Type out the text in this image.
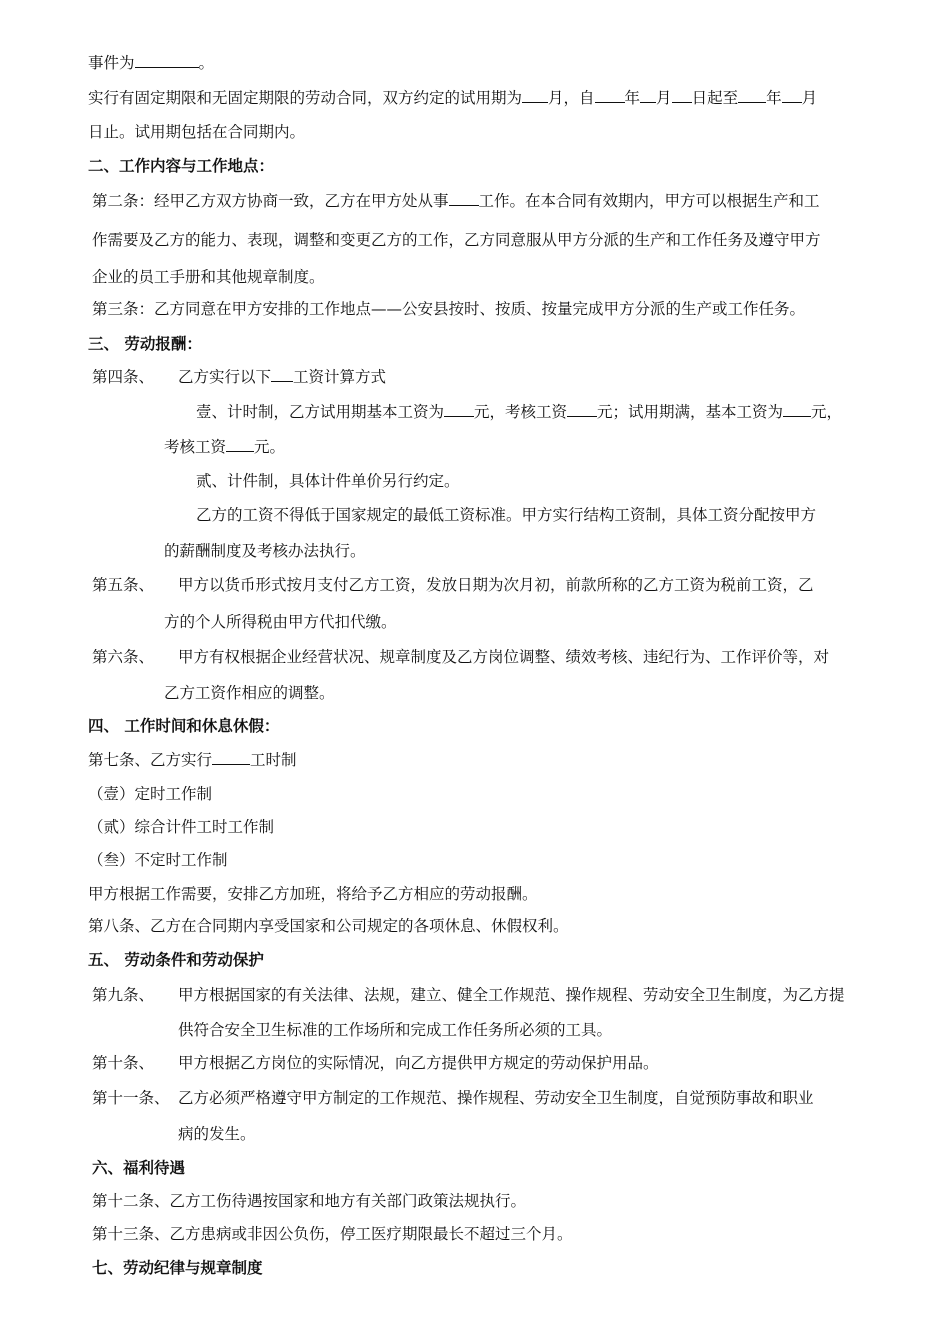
事件为	。
实行有固定期限和无固定期限的劳动合同，双方约定的试用期为 月，自 年 月 日起至 年 月
日止。试用期包括在合同期内。
二、工作内容与工作地点：
第二条：经甲乙方双方协商一致，乙方在甲方处从事 工作。在本合同有效期内，甲方可以根据生产和工
作需要及乙方的能力、表现，调整和变更乙方的工作，乙方同意服从甲方分派的生产和工作任务及遵守甲方
企业的员工手册和其他规章制度。
第三条：乙方同意在甲方安排的工作地点——公安县按时、按质、按量完成甲方分派的生产或工作任务。
三、 劳动报酬：
第四条、 乙方实行以下 工资计算方式
壹、计时制，乙方试用期基本工资为 元，考核工资 元；试用期满，基本工资为 元，
考核工资 元。
贰、计件制，具体计件单价另行约定。
乙方的工资不得低于国家规定的最低工资标准。甲方实行结构工资制，具体工资分配按甲方
的薪酬制度及考核办法执行。
第五条、 甲方以货币形式按月支付乙方工资，发放日期为次月初，前款所称的乙方工资为税前工资，乙
方的个人所得税由甲方代扣代缴。
第六条、 甲方有权根据企业经营状况、规章制度及乙方岗位调整、绩效考核、违纪行为、工作评价等，对
乙方工资作相应的调整。
四、 工作时间和休息休假：
第七条、乙方实行 工时制
（壹）定时工作制
（贰）综合计件工时工作制
（叁）不定时工作制
甲方根据工作需要，安排乙方加班，将给予乙方相应的劳动报酬。
第八条、乙方在合同期内享受国家和公司规定的各项休息、休假权利。
五、 劳动条件和劳动保护
第九条、 甲方根据国家的有关法律、法规，建立、健全工作规范、操作规程、劳动安全卫生制度，为乙方提
供符合安全卫生标准的工作场所和完成工作任务所必须的工具。
第十条、 甲方根据乙方岗位的实际情况，向乙方提供甲方规定的劳动保护用品。
第十一条、 乙方必须严格遵守甲方制定的工作规范、操作规程、劳动安全卫生制度，自觉预防事故和职业
病的发生。
六、福利待遇
第十二条、乙方工伤待遇按国家和地方有关部门政策法规执行。
第十三条、乙方患病或非因公负伤，停工医疗期限最长不超过三个月。
七、劳动纪律与规章制度
